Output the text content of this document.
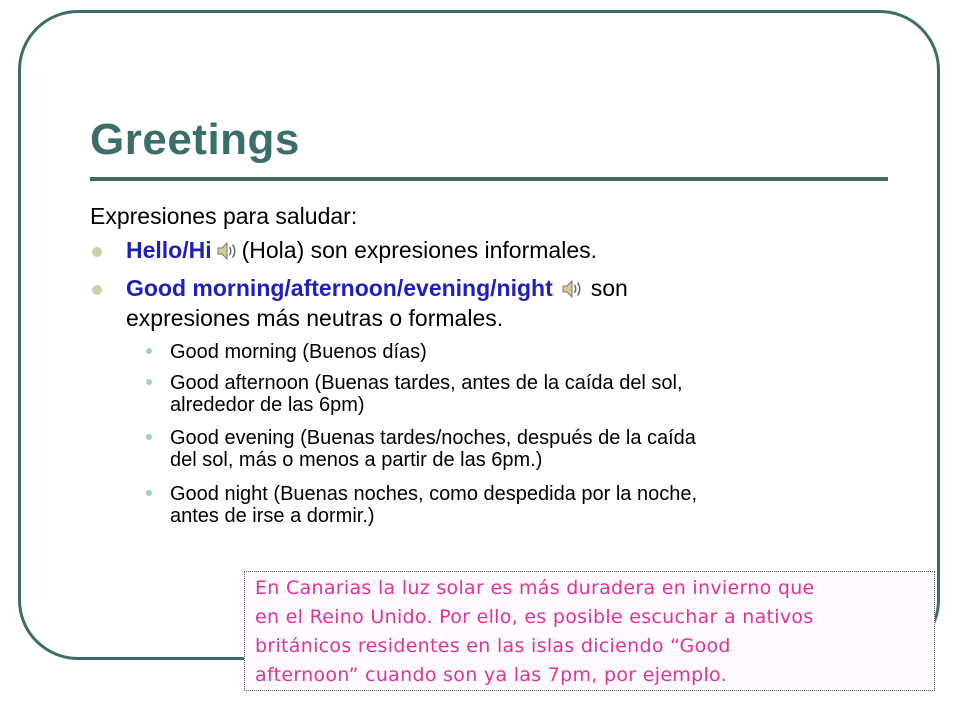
Greetings
Expresiones para saludar:
Hello/Hi (Hola) son expresiones informales.
Good morning/afternoon/evening/night son
expresiones más neutras o formales.
Good morning (Buenos días)
Good afternoon (Buenas tardes, antes de la caída del sol,
alrededor de las 6pm)
Good evening (Buenas tardes/noches, después de la caída
del sol, más o menos a partir de las 6pm.)
Good night (Buenas noches, como despedida por la noche,
antes de irse a dormir.)
En Canarias la luz solar es más duradera en invierno que
en el Reino Unido. Por ello, es posible escuchar a nativos
británicos residentes en las islas diciendo “Good
afternoon” cuando son ya las 7pm, por ejemplo.
